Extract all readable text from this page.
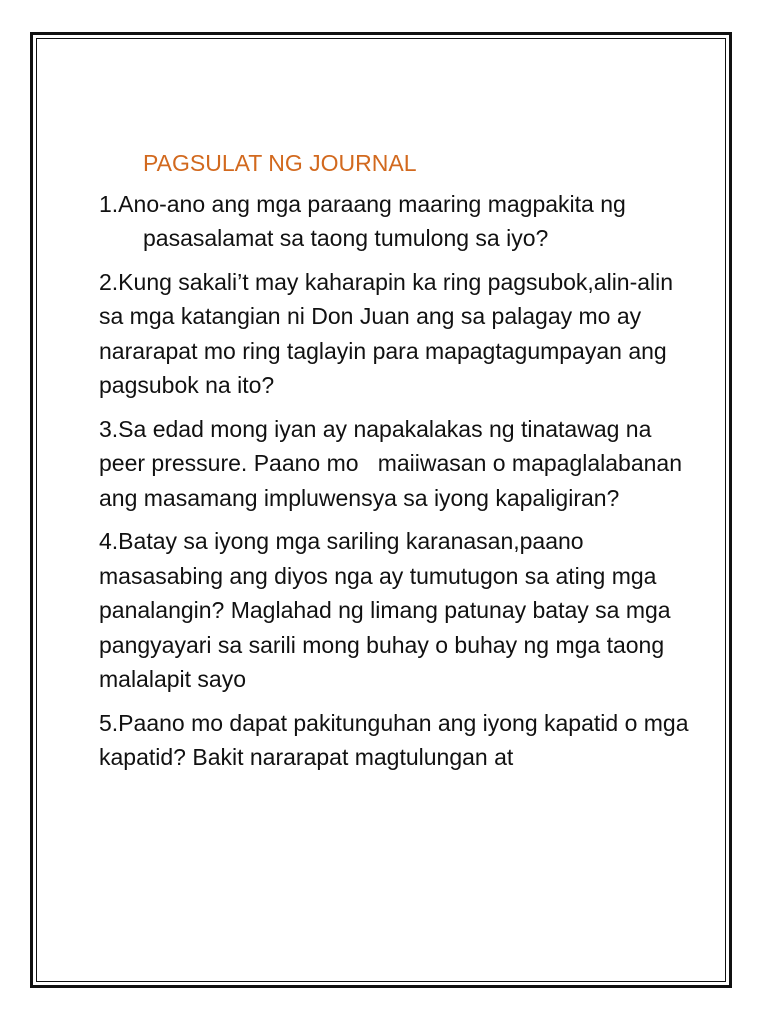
PAGSULAT NG JOURNAL
1.Ano-ano ang mga paraang maaring magpakita ng pasasalamat sa taong tumulong sa iyo?
2.Kung sakali’t may kaharapin ka ring pagsubok,alin-alin sa mga katangian ni Don Juan ang sa palagay mo ay nararapat mo ring taglayin para mapagtagumpayan ang pagsubok na ito?
3.Sa edad mong iyan ay napakalakas ng tinatawag na peer pressure. Paano mo   maiiwasan o mapaglalabanan ang masamang impluwensya sa iyong kapaligiran?
4.Batay sa iyong mga sariling karanasan,paano masasabing ang diyos nga ay tumutugon sa ating mga panalangin? Maglahad ng limang patunay batay sa mga pangyayari sa sarili mong buhay o buhay ng mga taong malalapit sayo
5.Paano mo dapat pakitunguhan ang iyong kapatid o mga kapatid? Bakit nararapat magtulungan at
